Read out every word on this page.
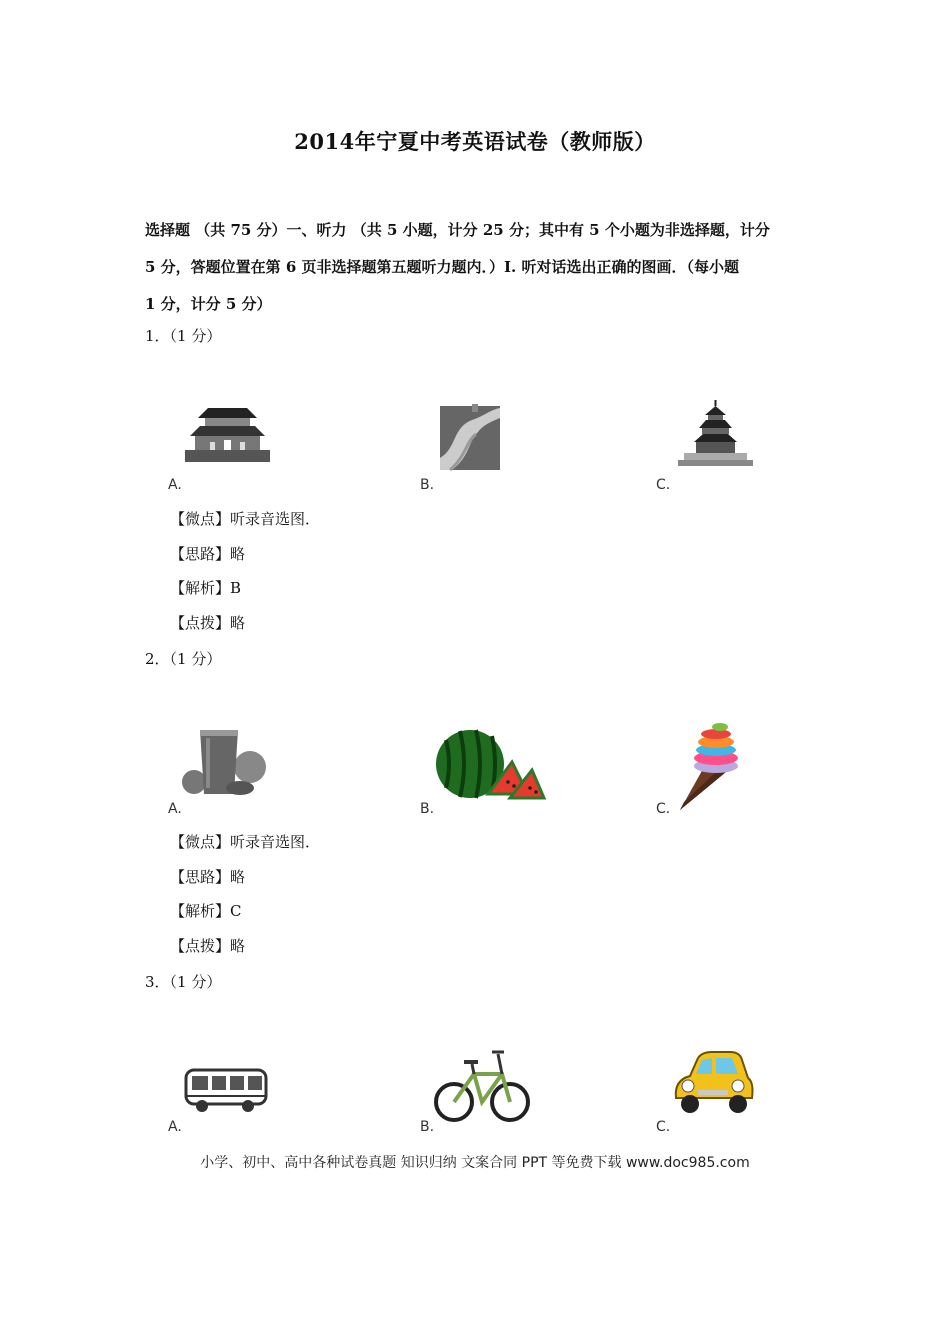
2014年宁夏中考英语试卷（教师版）
选择题 （共 75 分）一、听力 （共 5 小题，计分 25 分；其中有 5 个小题为非选择题，计分
5 分，答题位置在第 6 页非选择题第五题听力题内．）I. 听对话选出正确的图画．（每小题
1 分，计分 5 分）
1．（1 分）
A.	B.	C.
【微点】听录音选图．
【思路】略
【解析】B
【点拨】略
2．（1 分）
A.	B.	C.
【微点】听录音选图．
【思路】略
【解析】C
【点拨】略
3．（1 分）
A.	B.	C.
小学、初中、高中各种试卷真题 知识归纳 文案合同 PPT 等免费下载 www.doc985.com
